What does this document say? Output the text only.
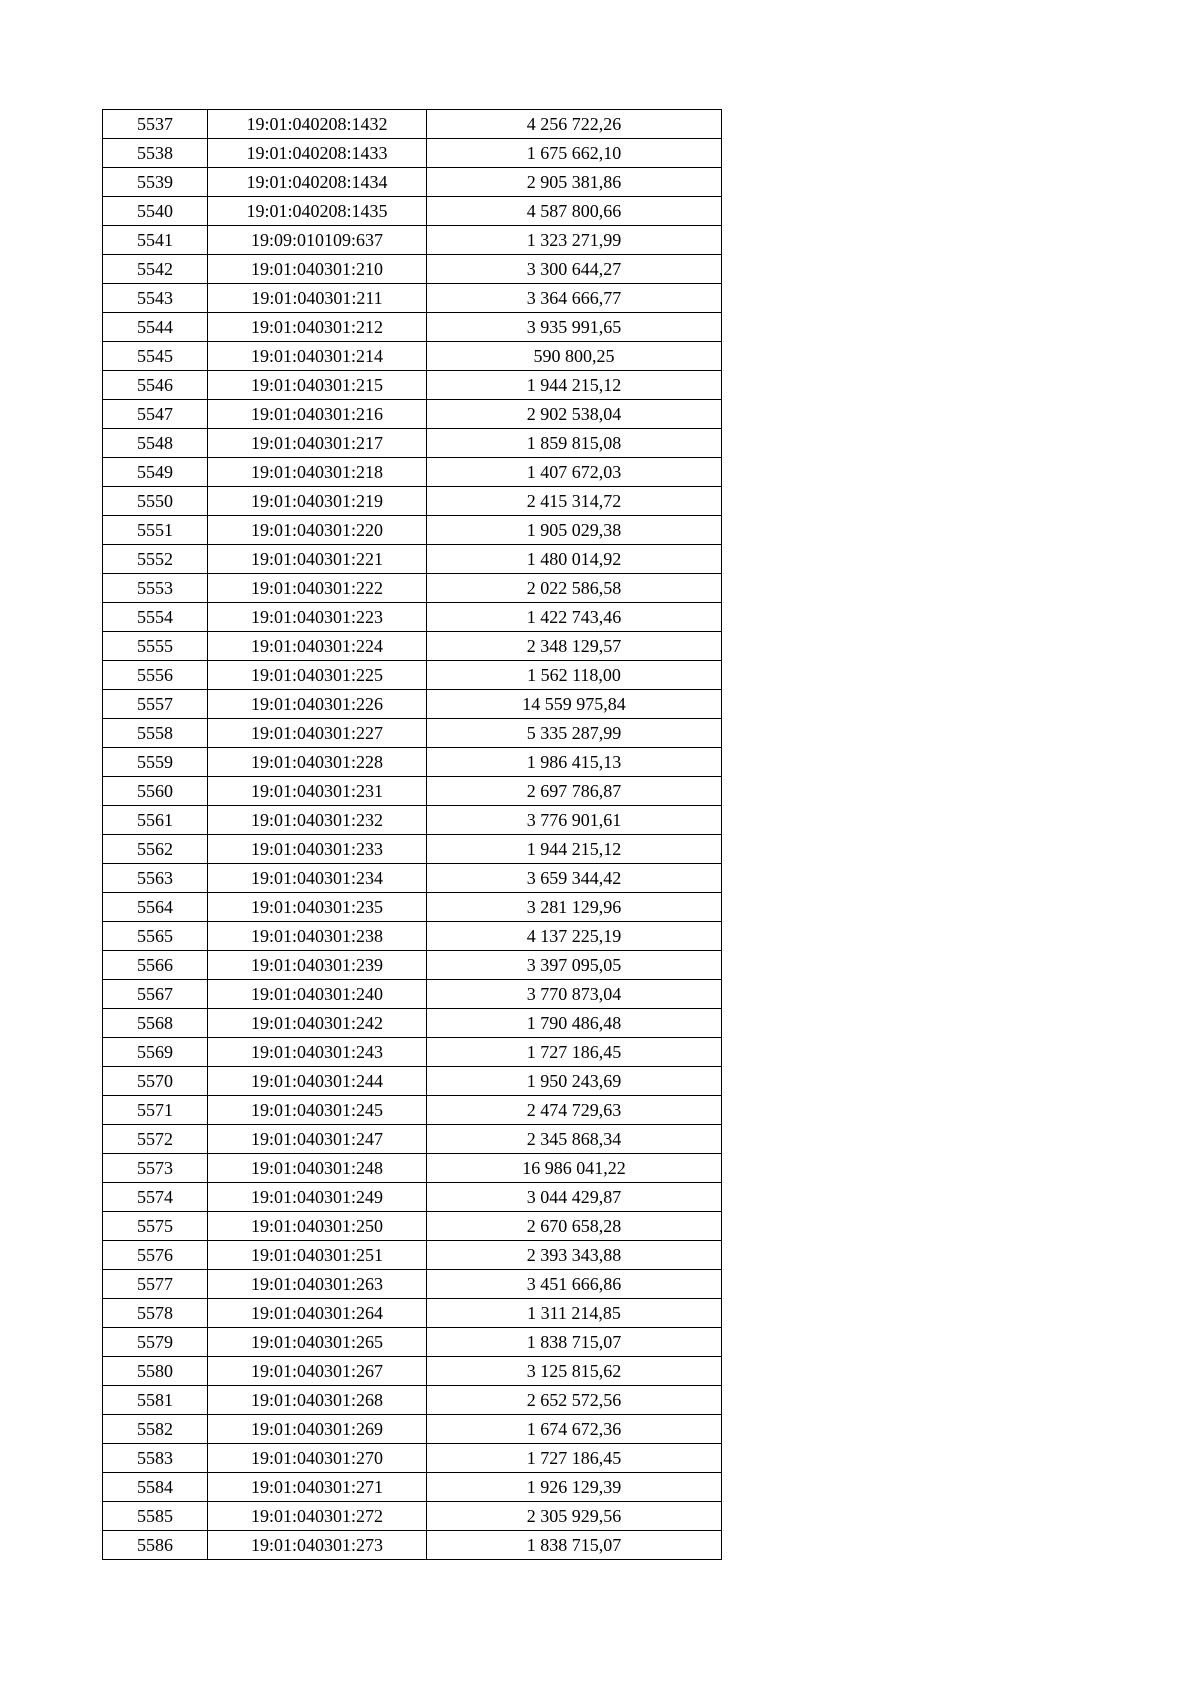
5537	19:01:040208:1432	4 256 722,26
5538	19:01:040208:1433	1 675 662,10
5539	19:01:040208:1434	2 905 381,86
5540	19:01:040208:1435	4 587 800,66
5541	19:09:010109:637	1 323 271,99
5542	19:01:040301:210	3 300 644,27
5543	19:01:040301:211	3 364 666,77
5544	19:01:040301:212	3 935 991,65
5545	19:01:040301:214	590 800,25
5546	19:01:040301:215	1 944 215,12
5547	19:01:040301:216	2 902 538,04
5548	19:01:040301:217	1 859 815,08
5549	19:01:040301:218	1 407 672,03
5550	19:01:040301:219	2 415 314,72
5551	19:01:040301:220	1 905 029,38
5552	19:01:040301:221	1 480 014,92
5553	19:01:040301:222	2 022 586,58
5554	19:01:040301:223	1 422 743,46
5555	19:01:040301:224	2 348 129,57
5556	19:01:040301:225	1 562 118,00
5557	19:01:040301:226	14 559 975,84
5558	19:01:040301:227	5 335 287,99
5559	19:01:040301:228	1 986 415,13
5560	19:01:040301:231	2 697 786,87
5561	19:01:040301:232	3 776 901,61
5562	19:01:040301:233	1 944 215,12
5563	19:01:040301:234	3 659 344,42
5564	19:01:040301:235	3 281 129,96
5565	19:01:040301:238	4 137 225,19
5566	19:01:040301:239	3 397 095,05
5567	19:01:040301:240	3 770 873,04
5568	19:01:040301:242	1 790 486,48
5569	19:01:040301:243	1 727 186,45
5570	19:01:040301:244	1 950 243,69
5571	19:01:040301:245	2 474 729,63
5572	19:01:040301:247	2 345 868,34
5573	19:01:040301:248	16 986 041,22
5574	19:01:040301:249	3 044 429,87
5575	19:01:040301:250	2 670 658,28
5576	19:01:040301:251	2 393 343,88
5577	19:01:040301:263	3 451 666,86
5578	19:01:040301:264	1 311 214,85
5579	19:01:040301:265	1 838 715,07
5580	19:01:040301:267	3 125 815,62
5581	19:01:040301:268	2 652 572,56
5582	19:01:040301:269	1 674 672,36
5583	19:01:040301:270	1 727 186,45
5584	19:01:040301:271	1 926 129,39
5585	19:01:040301:272	2 305 929,56
5586	19:01:040301:273	1 838 715,07
